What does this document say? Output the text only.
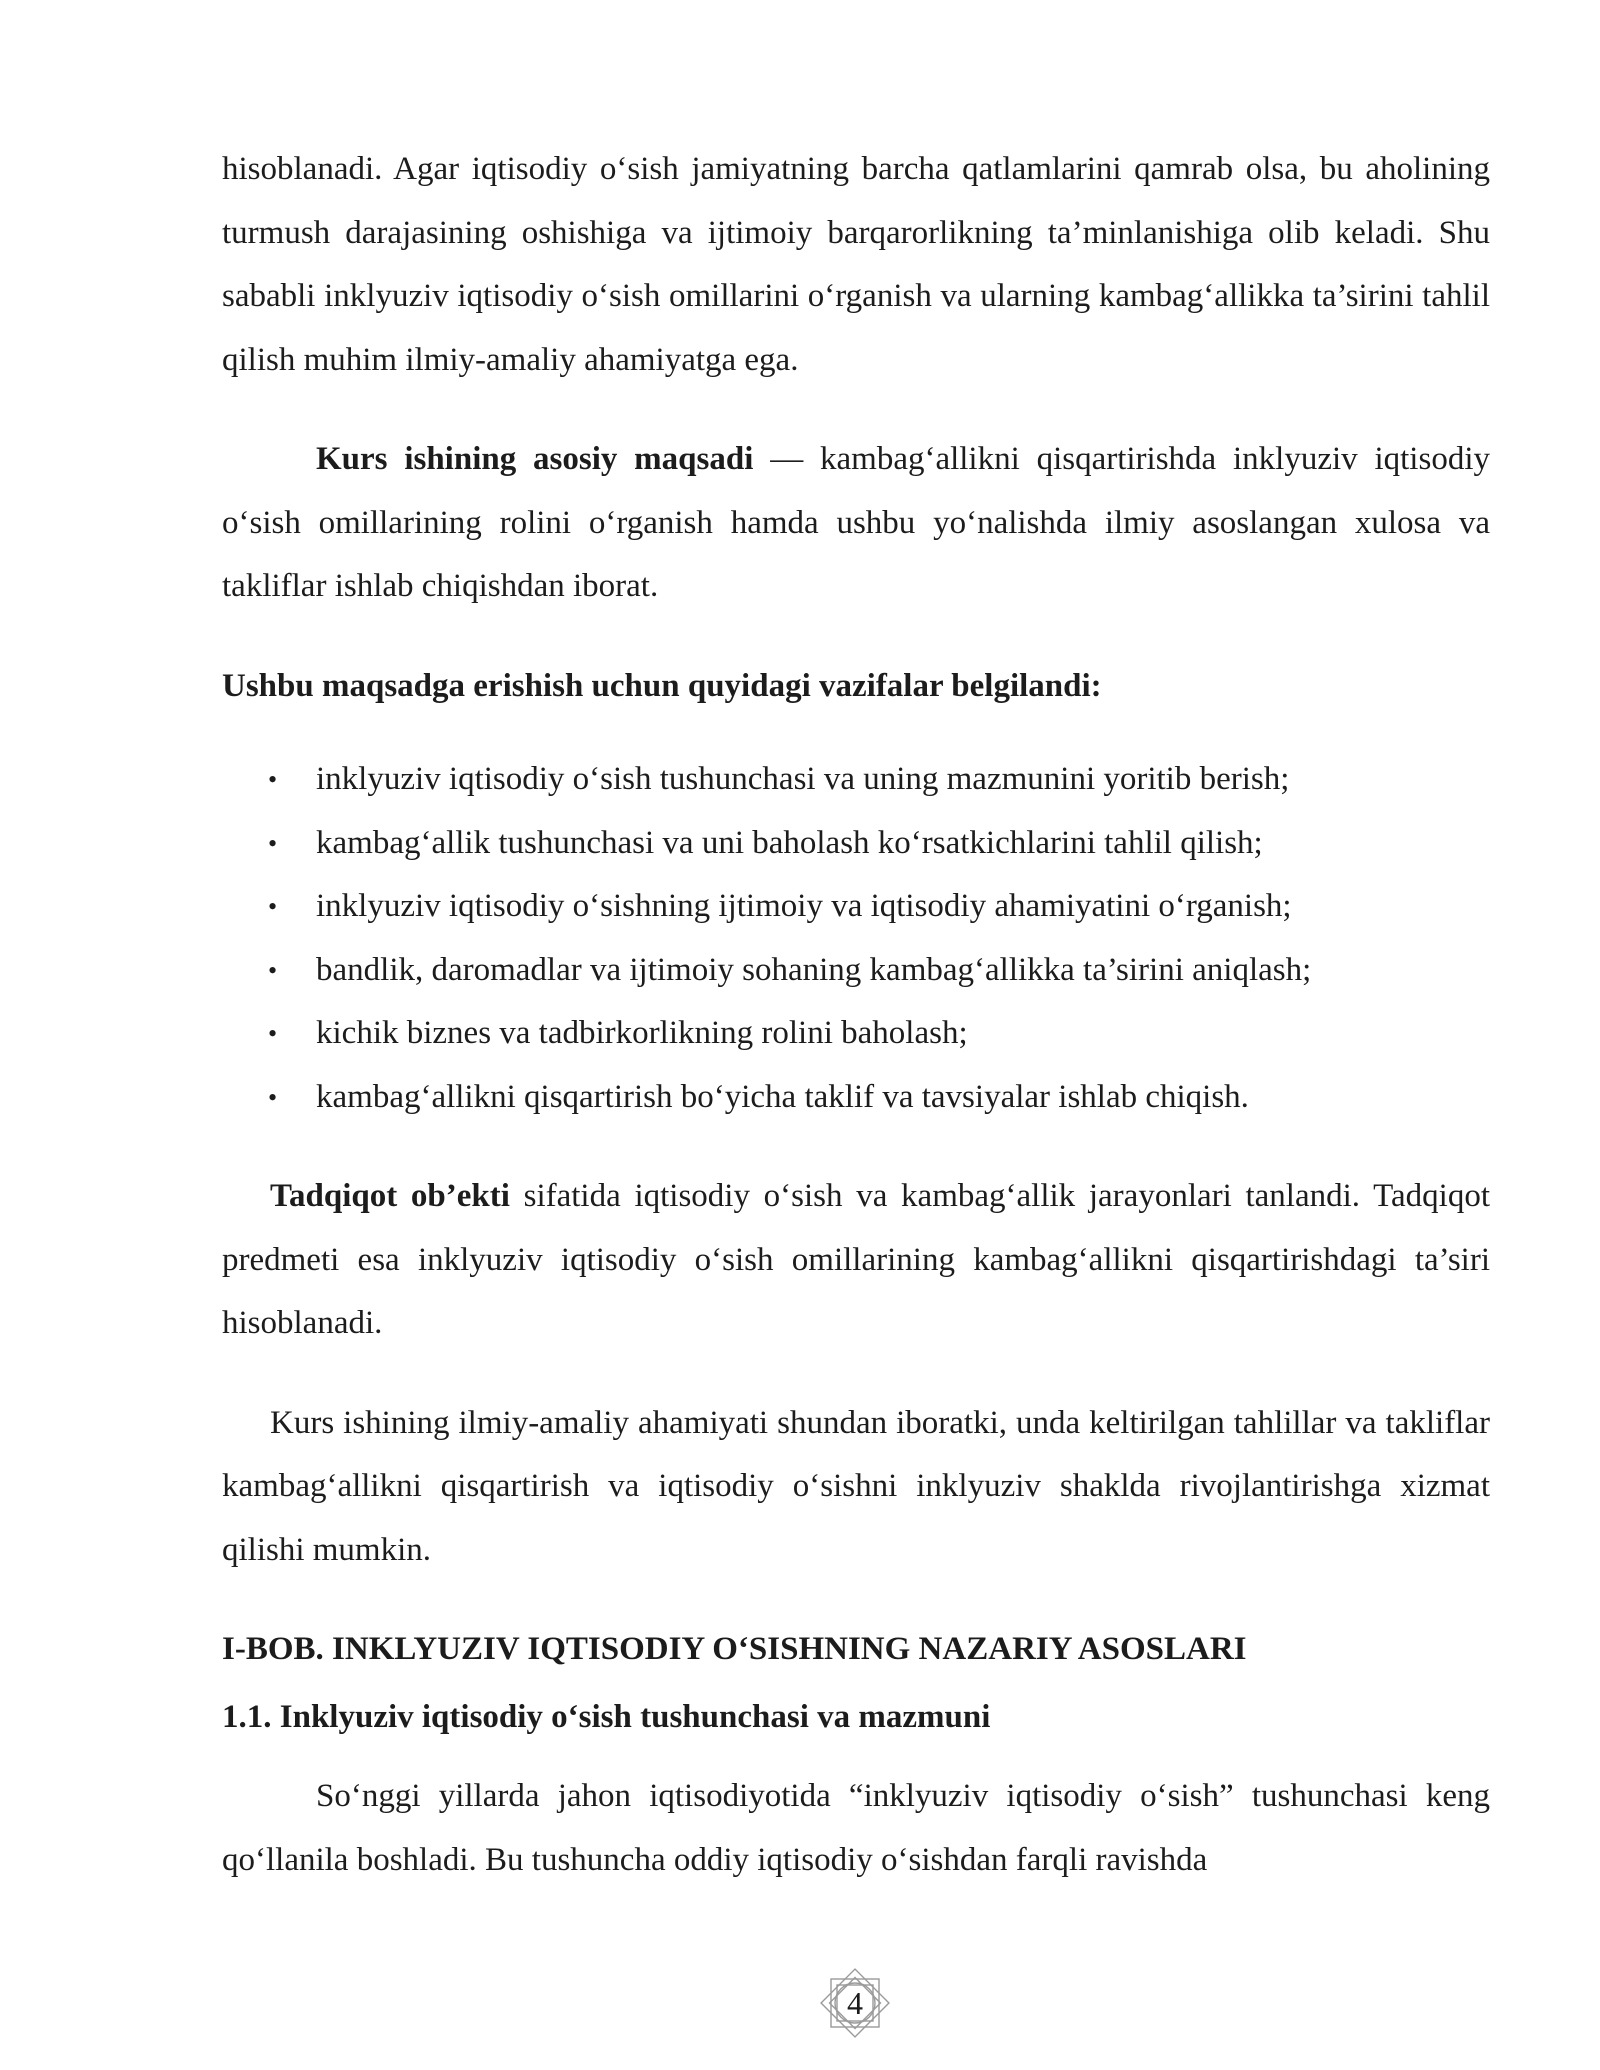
hisoblanadi. Agar iqtisodiy o‘sish jamiyatning barcha qatlamlarini qamrab olsa, bu aholining turmush darajasining oshishiga va ijtimoiy barqarorlikning ta’minlanishiga olib keladi. Shu sababli inklyuziv iqtisodiy o‘sish omillarini o‘rganish va ularning kambag‘allikka ta’sirini tahlil qilish muhim ilmiy-amaliy ahamiyatga ega.

Kurs ishining asosiy maqsadi — kambag‘allikni qisqartirishda inklyuziv iqtisodiy o‘sish omillarining rolini o‘rganish hamda ushbu yo‘nalishda ilmiy asoslangan xulosa va takliflar ishlab chiqishdan iborat.

Ushbu maqsadga erishish uchun quyidagi vazifalar belgilandi:

• inklyuziv iqtisodiy o‘sish tushunchasi va uning mazmunini yoritib berish;
• kambag‘allik tushunchasi va uni baholash ko‘rsatkichlarini tahlil qilish;
• inklyuziv iqtisodiy o‘sishning ijtimoiy va iqtisodiy ahamiyatini o‘rganish;
• bandlik, daromadlar va ijtimoiy sohaning kambag‘allikka ta’sirini aniqlash;
• kichik biznes va tadbirkorlikning rolini baholash;
• kambag‘allikni qisqartirish bo‘yicha taklif va tavsiyalar ishlab chiqish.

Tadqiqot ob’ekti sifatida iqtisodiy o‘sish va kambag‘allik jarayonlari tanlandi. Tadqiqot predmeti esa inklyuziv iqtisodiy o‘sish omillarining kambag‘allikni qisqartirishdagi ta’siri hisoblanadi.

Kurs ishining ilmiy-amaliy ahamiyati shundan iboratki, unda keltirilgan tahlillar va takliflar kambag‘allikni qisqartirish va iqtisodiy o‘sishni inklyuziv shaklda rivojlantirishga xizmat qilishi mumkin.

I-BOB. INKLYUZIV IQTISODIY O‘SISHNING NAZARIY ASOSLARI
1.1. Inklyuziv iqtisodiy o‘sish tushunchasi va mazmuni

So‘nggi yillarda jahon iqtisodiyotida “inklyuziv iqtisodiy o‘sish” tushunchasi keng qo‘llanila boshladi. Bu tushuncha oddiy iqtisodiy o‘sishdan farqli ravishda

4
